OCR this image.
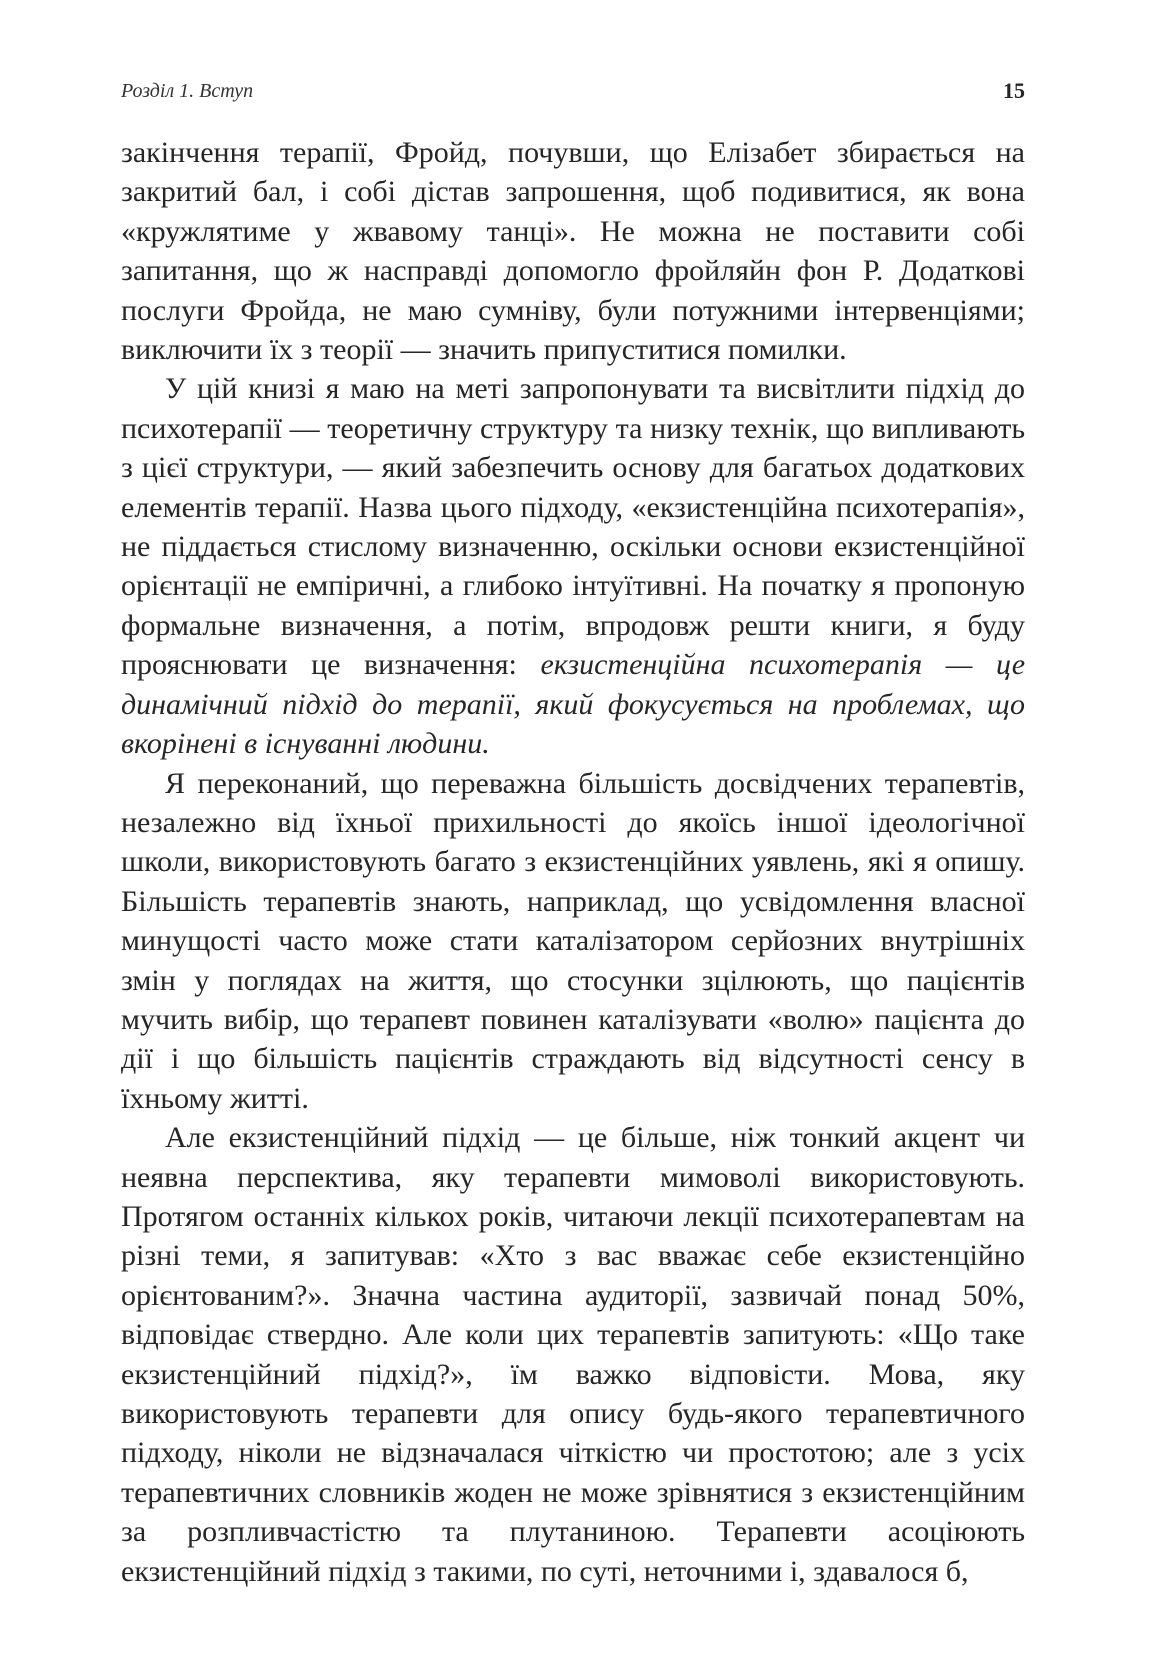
Розділ 1. Вступ	15

закінчення терапії, Фройд, почувши, що Елізабет збирається на закритий бал, і собі дістав запрошення, щоб подивитися, як вона «кружлятиме у жвавому танці». Не можна не поставити собі запитання, що ж насправді допомогло фройляйн фон Р. Додаткові послуги Фройда, не маю сумніву, були потужними інтервенціями; виключити їх з теорії — значить припуститися помилки.

У цій книзі я маю на меті запропонувати та висвітлити підхід до психотерапії — теоретичну структуру та низку технік, що випливають з цієї структури, — який забезпечить основу для багатьох додаткових елементів терапії. Назва цього підходу, «екзистенційна психотерапія», не піддається стислому визначенню, оскільки основи екзистенційної орієнтації не емпіричні, а глибоко інтуїтивні. На початку я пропоную формальне визначення, а потім, впродовж решти книги, я буду прояснювати це визначення: екзистенційна психотерапія — це динамічний підхід до терапії, який фокусується на проблемах, що вкорінені в існуванні людини.

Я переконаний, що переважна більшість досвідчених терапевтів, незалежно від їхньої прихильності до якоїсь іншої ідеологічної школи, використовують багато з екзистенційних уявлень, які я опишу. Більшість терапевтів знають, наприклад, що усвідомлення власної минущості часто може стати каталізатором серйозних внутрішніх змін у поглядах на життя, що стосунки зцілюють, що пацієнтів мучить вибір, що терапевт повинен каталізувати «волю» пацієнта до дії і що більшість пацієнтів страждають від відсутності сенсу в їхньому житті.

Але екзистенційний підхід — це більше, ніж тонкий акцент чи неявна перспектива, яку терапевти мимоволі використовують. Протягом останніх кількох років, читаючи лекції психотерапевтам на різні теми, я запитував: «Хто з вас вважає себе екзистенційно орієнтованим?». Значна частина аудиторії, зазвичай понад 50%, відповідає ствердно. Але коли цих терапевтів запитують: «Що таке екзистенційний підхід?», їм важко відповісти. Мова, яку використовують терапевти для опису будь-якого терапевтичного підходу, ніколи не відзначалася чіткістю чи простотою; але з усіх терапевтичних словників жоден не може зрівнятися з екзистенційним за розпливчастістю та плутаниною. Терапевти асоціюють екзистенційний підхід з такими, по суті, неточними і, здавалося б,
